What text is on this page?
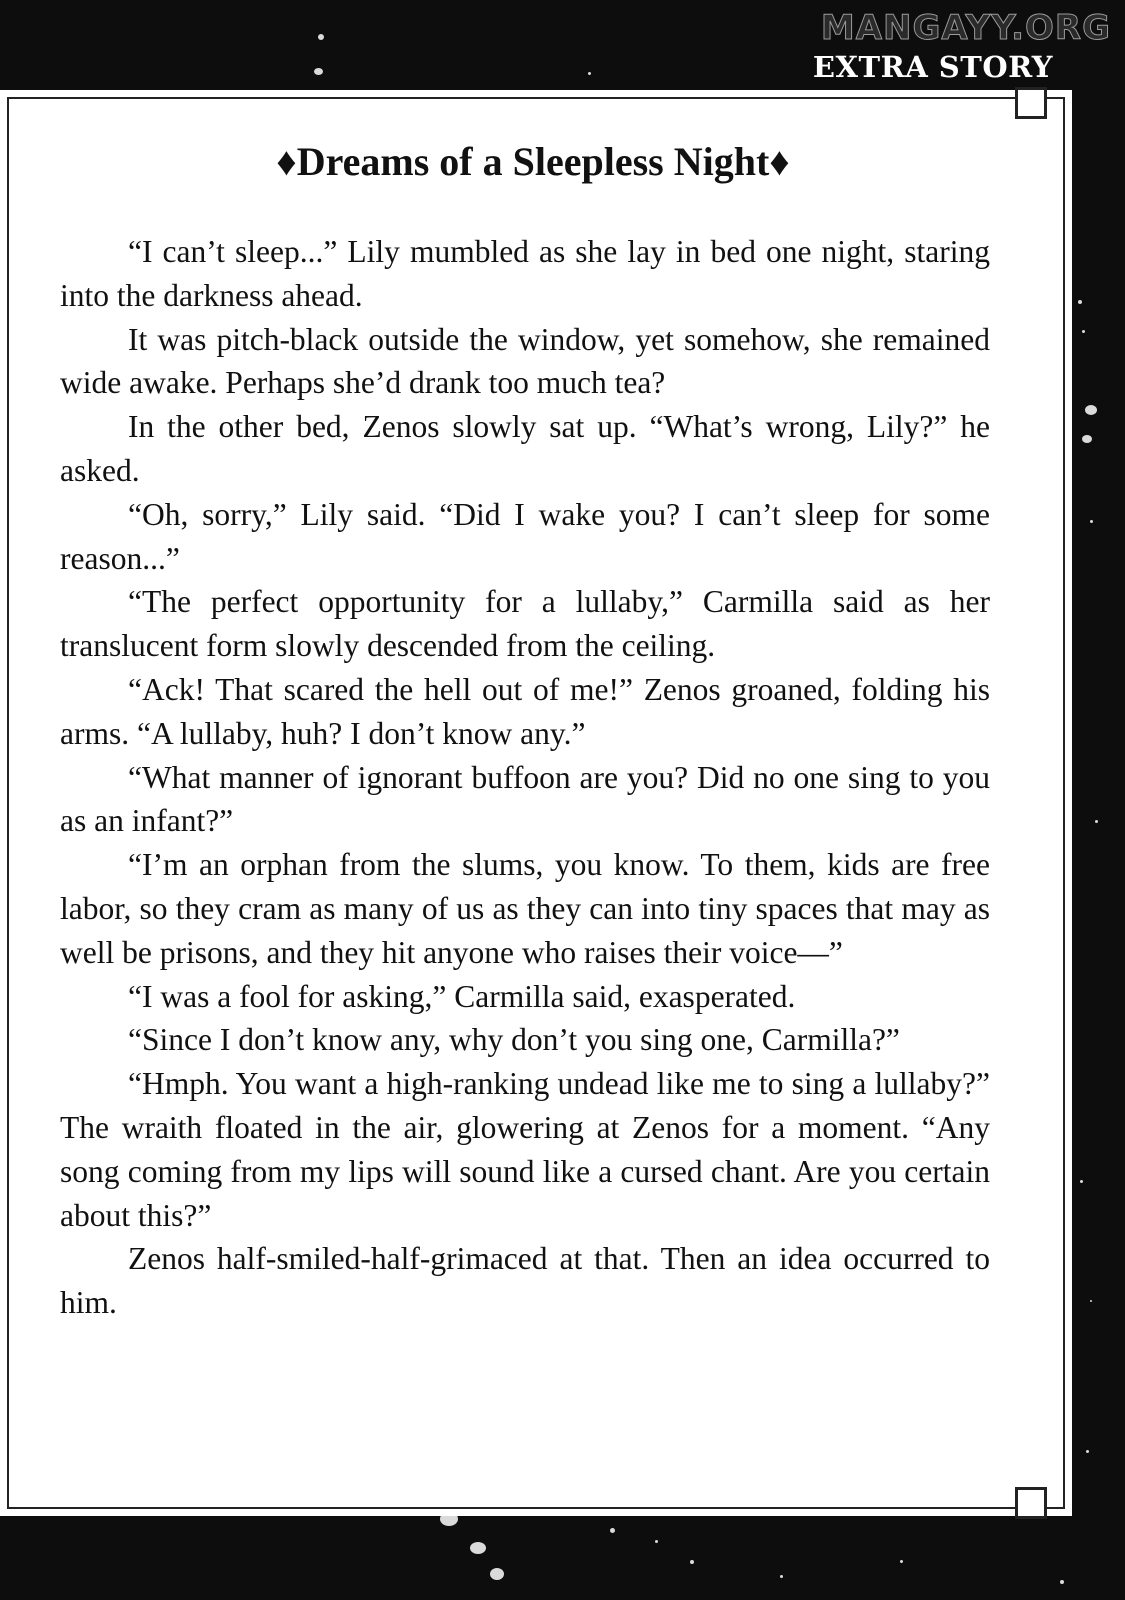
MANGAYY.ORG
EXTRA STORY
♦Dreams of a Sleepless Night♦

“I can’t sleep...” Lily mumbled as she lay in bed one night, staring into the darkness ahead.

It was pitch-black outside the window, yet somehow, she remained wide awake. Perhaps she’d drank too much tea?

In the other bed, Zenos slowly sat up. “What’s wrong, Lily?” he asked.

“Oh, sorry,” Lily said. “Did I wake you? I can’t sleep for some reason...”

“The perfect opportunity for a lullaby,” Carmilla said as her translucent form slowly descended from the ceiling.

“Ack! That scared the hell out of me!” Zenos groaned, folding his arms. “A lullaby, huh? I don’t know any.”

“What manner of ignorant buffoon are you? Did no one sing to you as an infant?”

“I’m an orphan from the slums, you know. To them, kids are free labor, so they cram as many of us as they can into tiny spaces that may as well be prisons, and they hit anyone who raises their voice—”

“I was a fool for asking,” Carmilla said, exasperated.

“Since I don’t know any, why don’t you sing one, Carmilla?”

“Hmph. You want a high-ranking undead like me to sing a lullaby?” The wraith floated in the air, glowering at Zenos for a moment. “Any song coming from my lips will sound like a cursed chant. Are you certain about this?”

Zenos half-smiled-half-grimaced at that. Then an idea occurred to him.
